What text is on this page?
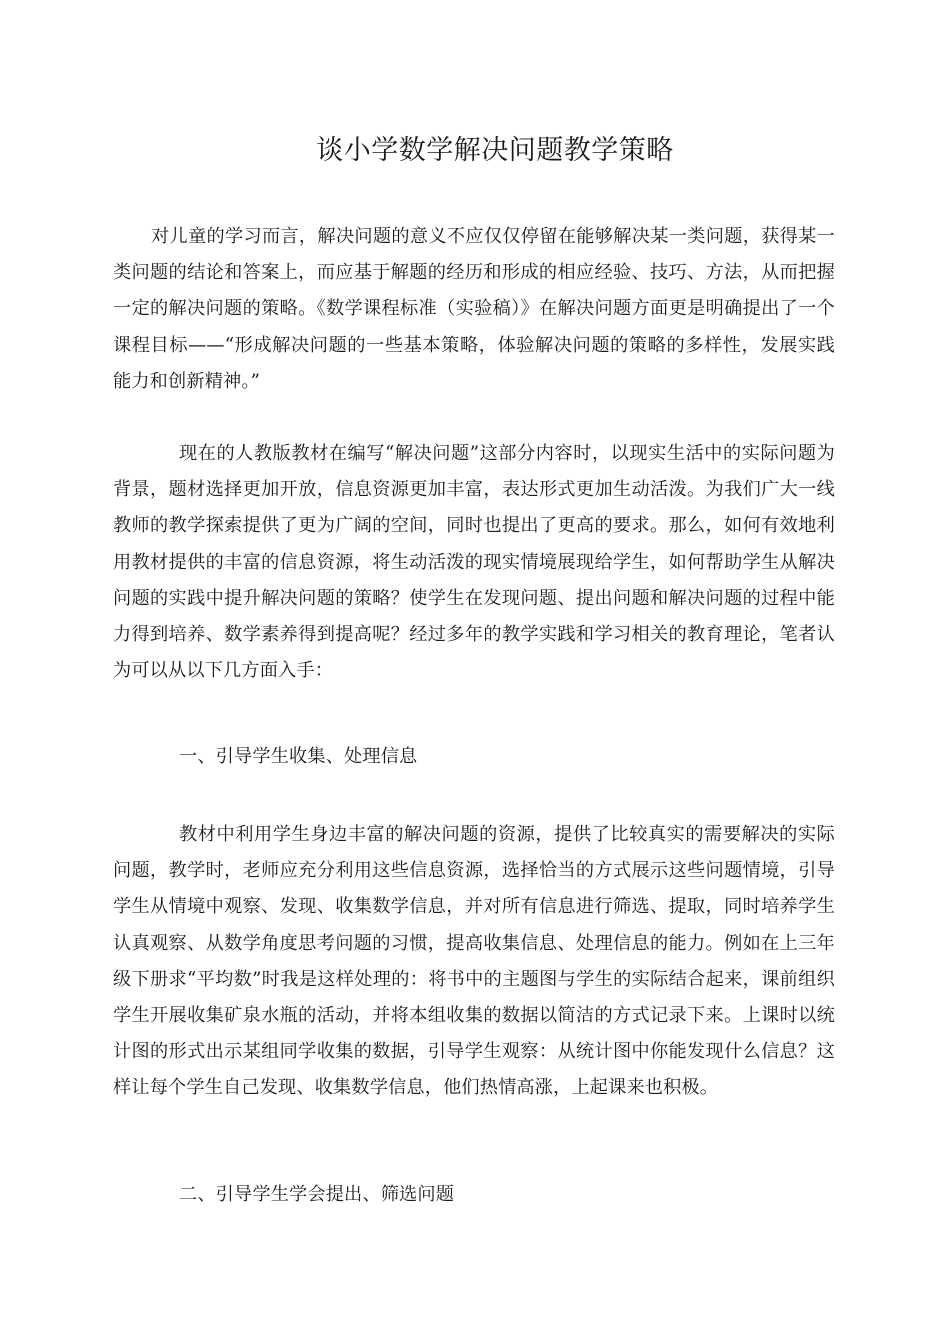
谈小学数学解决问题教学策略

对儿童的学习而言，解决问题的意义不应仅仅停留在能够解决某一类问题，获得某一类问题的结论和答案上，而应基于解题的经历和形成的相应经验、技巧、方法，从而把握一定的解决问题的策略。《数学课程标准（实验稿）》在解决问题方面更是明确提出了一个课程目标——“形成解决问题的一些基本策略，体验解决问题的策略的多样性，发展实践能力和创新精神。”

现在的人教版教材在编写“解决问题”这部分内容时，以现实生活中的实际问题为背景，题材选择更加开放，信息资源更加丰富，表达形式更加生动活泼。为我们广大一线教师的教学探索提供了更为广阔的空间，同时也提出了更高的要求。那么，如何有效地利用教材提供的丰富的信息资源，将生动活泼的现实情境展现给学生，如何帮助学生从解决问题的实践中提升解决问题的策略？使学生在发现问题、提出问题和解决问题的过程中能力得到培养、数学素养得到提高呢？经过多年的教学实践和学习相关的教育理论，笔者认为可以从以下几方面入手：

一、引导学生收集、处理信息

教材中利用学生身边丰富的解决问题的资源，提供了比较真实的需要解决的实际问题，教学时，老师应充分利用这些信息资源，选择恰当的方式展示这些问题情境，引导学生从情境中观察、发现、收集数学信息，并对所有信息进行筛选、提取，同时培养学生认真观察、从数学角度思考问题的习惯，提高收集信息、处理信息的能力。例如在上三年级下册求“平均数”时我是这样处理的：将书中的主题图与学生的实际结合起来，课前组织学生开展收集矿泉水瓶的活动，并将本组收集的数据以简洁的方式记录下来。上课时以统计图的形式出示某组同学收集的数据，引导学生观察：从统计图中你能发现什么信息？这样让每个学生自己发现、收集数学信息，他们热情高涨，上起课来也积极。

二、引导学生学会提出、筛选问题
